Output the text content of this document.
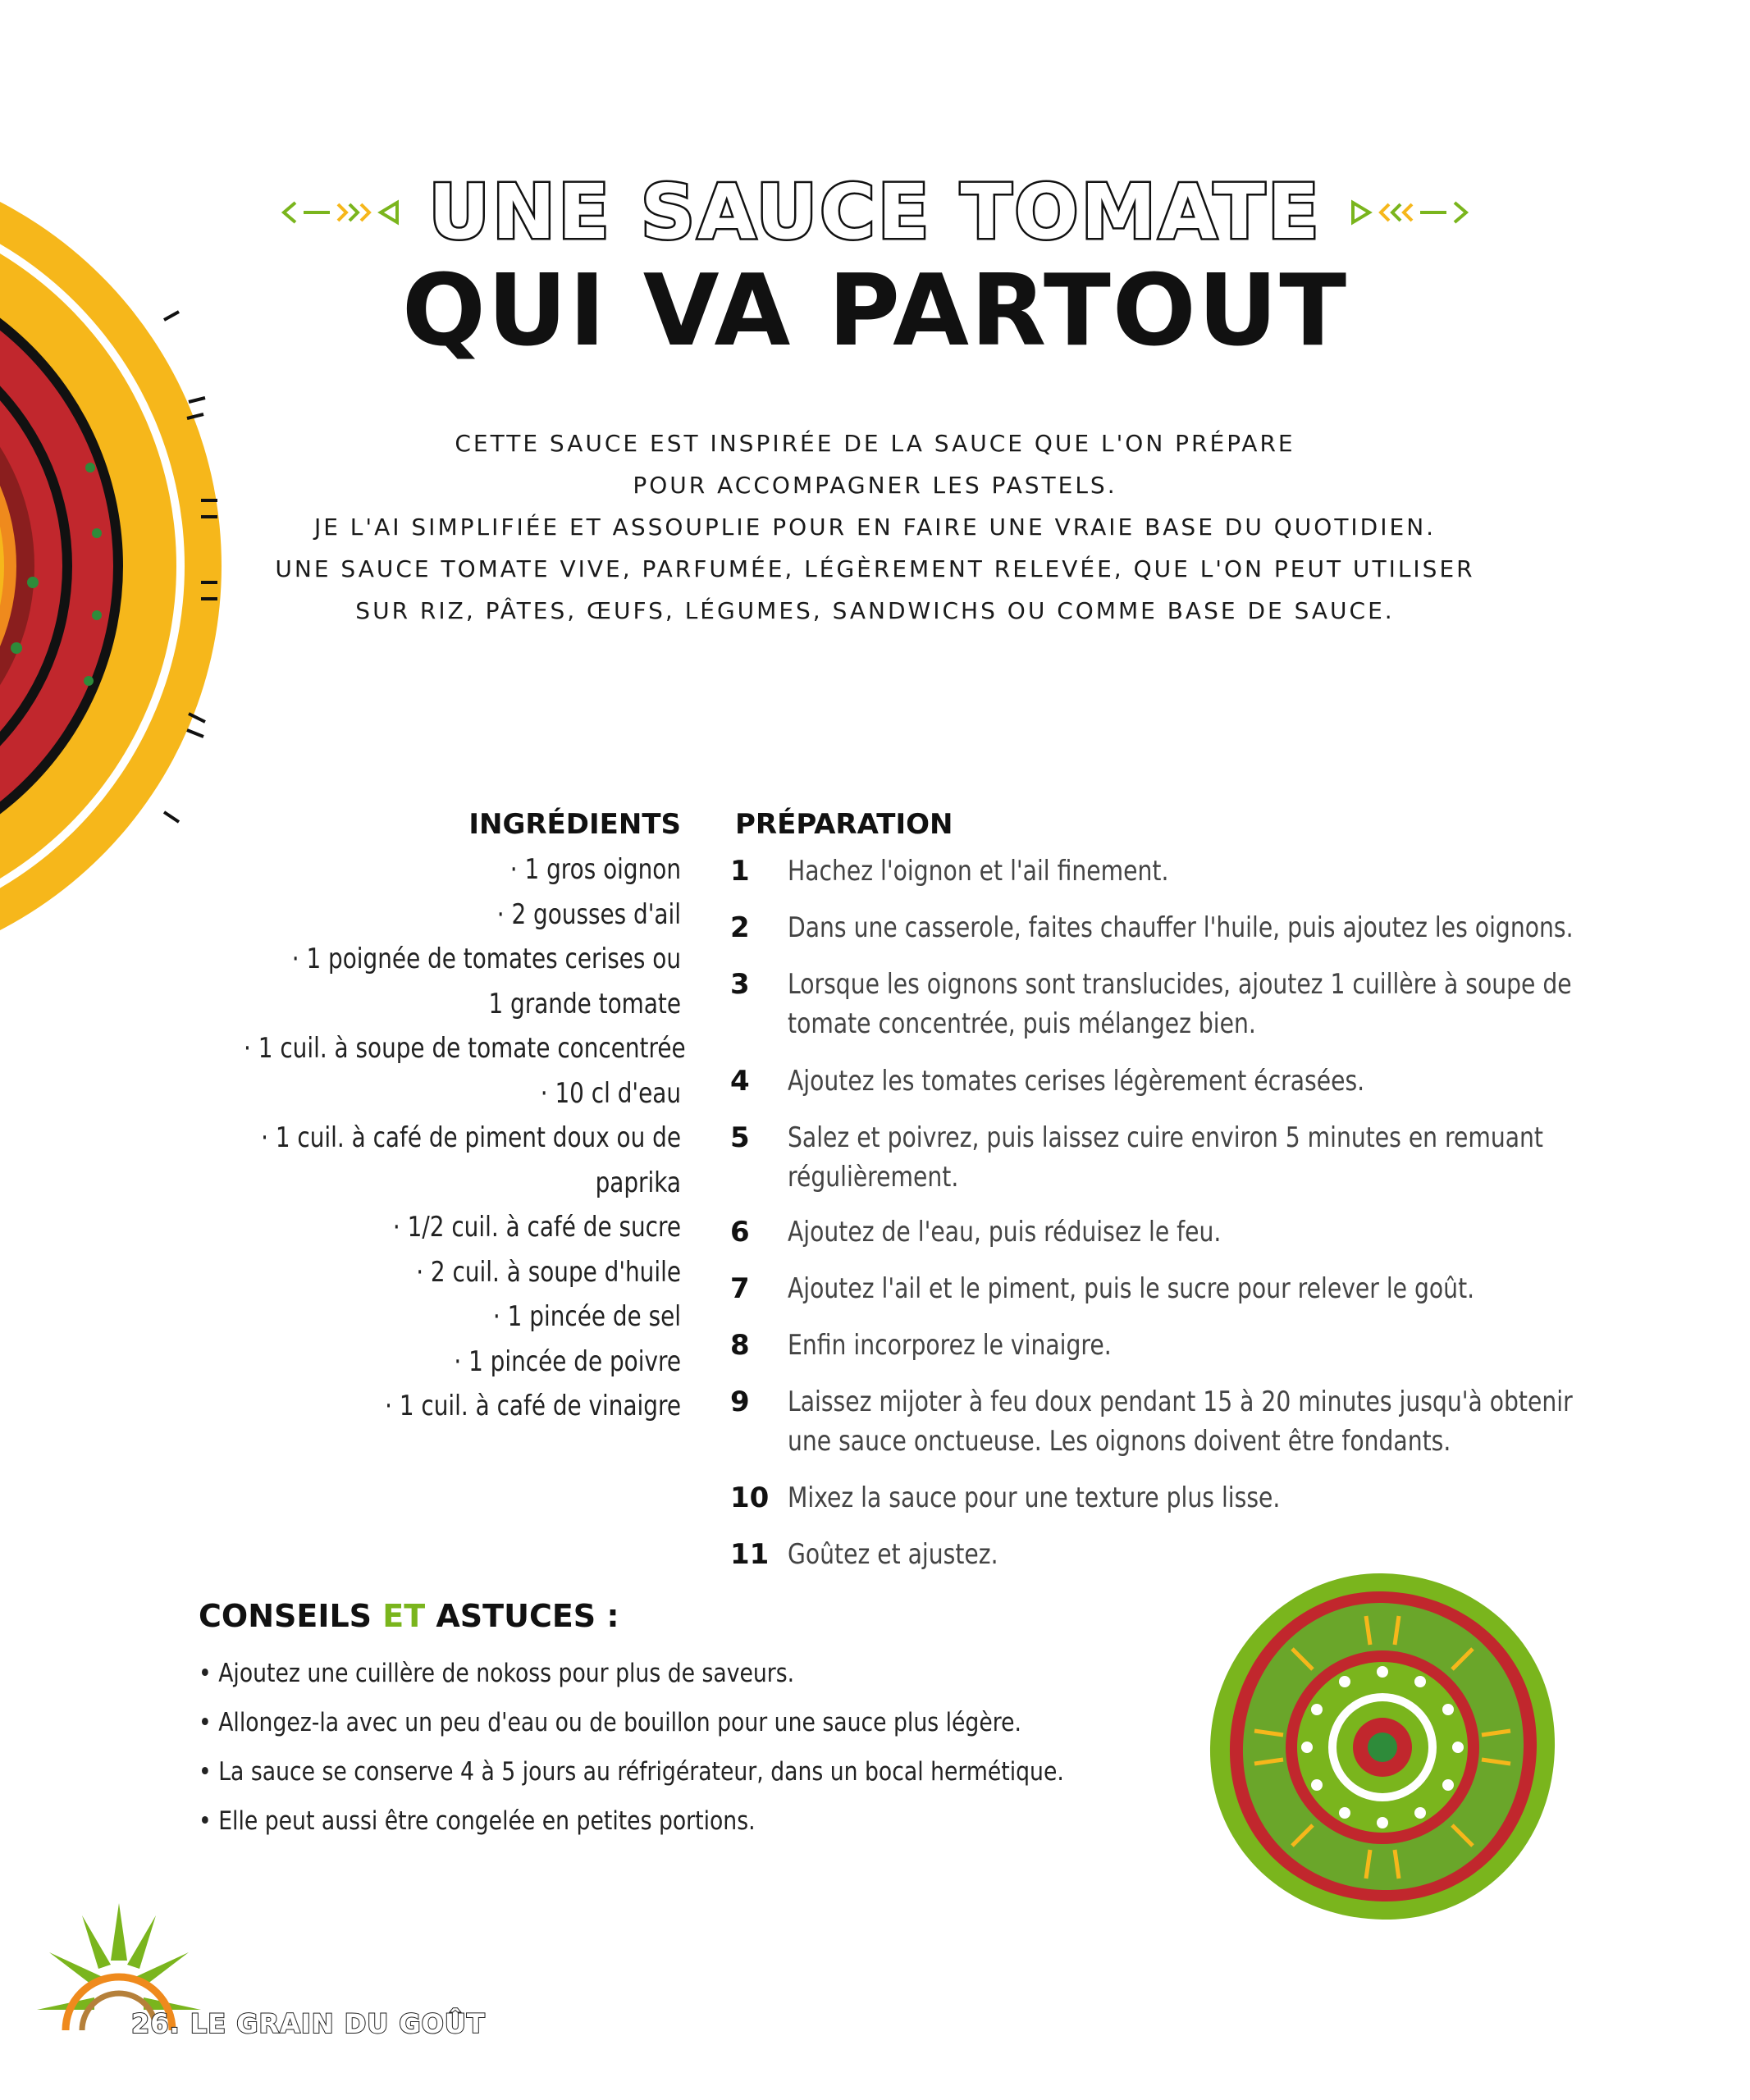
UNE SAUCE TOMATE
QUI VA PARTOUT
CETTE SAUCE EST INSPIRÉE DE LA SAUCE QUE L'ON PRÉPARE
POUR ACCOMPAGNER LES PASTELS.
JE L'AI SIMPLIFIÉE ET ASSOUPLIE POUR EN FAIRE UNE VRAIE BASE DU QUOTIDIEN.
UNE SAUCE TOMATE VIVE, PARFUMÉE, LÉGÈREMENT RELEVÉE, QUE L'ON PEUT UTILISER
SUR RIZ, PÂTES, ŒUFS, LÉGUMES, SANDWICHS OU COMME BASE DE SAUCE.
INGRÉDIENTS
· 1 gros oignon
· 2 gousses d'ail
· 1 poignée de tomates cerises ou
1 grande tomate
· 1 cuil. à soupe de tomate concentrée
· 10 cl d'eau
· 1 cuil. à café de piment doux ou de
paprika
· 1/2 cuil. à café de sucre
· 2 cuil. à soupe d'huile
· 1 pincée de sel
· 1 pincée de poivre
· 1 cuil. à café de vinaigre
PRÉPARATION
1	Hachez l'oignon et l'ail finement.
2	Dans une casserole, faites chauffer l'huile, puis ajoutez les oignons.
3	Lorsque les oignons sont translucides, ajoutez 1 cuillère à soupe de
tomate concentrée, puis mélangez bien.
4	Ajoutez les tomates cerises légèrement écrasées.
5	Salez et poivrez, puis laissez cuire environ 5 minutes en remuant
régulièrement.
6	Ajoutez de l'eau, puis réduisez le feu.
7	Ajoutez l'ail et le piment, puis le sucre pour relever le goût.
8	Enfin incorporez le vinaigre.
9	Laissez mijoter à feu doux pendant 15 à 20 minutes jusqu'à obtenir
une sauce onctueuse. Les oignons doivent être fondants.
10 Mixez la sauce pour une texture plus lisse.
11 Goûtez et ajustez.
CONSEILS ET ASTUCES :
• Ajoutez une cuillère de nokoss pour plus de saveurs.
• Allongez-la avec un peu d'eau ou de bouillon pour une sauce plus légère.
• La sauce se conserve 4 à 5 jours au réfrigérateur, dans un bocal hermétique.
• Elle peut aussi être congelée en petites portions.
26. LE GRAIN DU GOÛT
